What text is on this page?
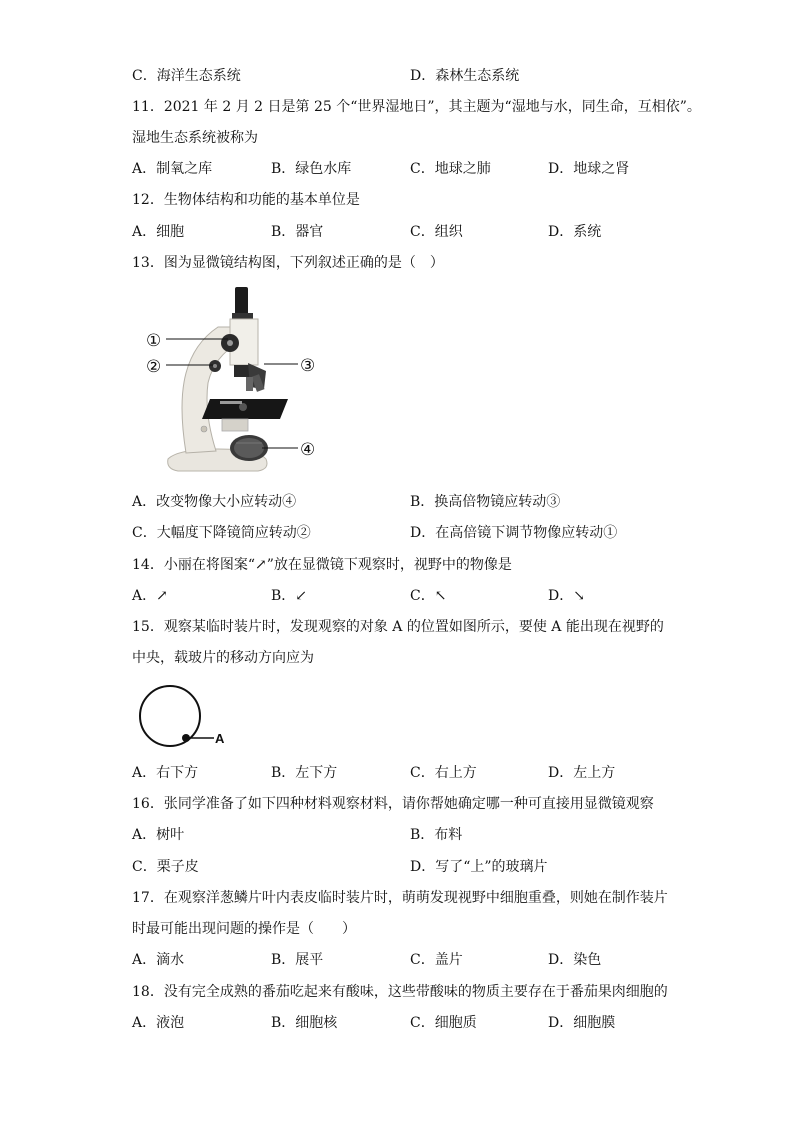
C．海洋生态系统	D．森林生态系统
11．2021 年 2 月 2 日是第 25 个“世界湿地日”，其主题为“湿地与水，同生命，互相依”。
湿地生态系统被称为
A．制氧之库	B．绿色水库	C．地球之肺	D．地球之肾
12．生物体结构和功能的基本单位是
A．细胞	B．器官	C．组织	D．系统
13．图为显微镜结构图，下列叙述正确的是（　）
①
②	③
④
A．改变物像大小应转动④	B．换高倍物镜应转动③
C．大幅度下降镜筒应转动②	D．在高倍镜下调节物像应转动①
14．小丽在将图案“↗”放在显微镜下观察时，视野中的物像是
A．↗	B．↙	C．↖	D．↘
15．观察某临时装片时，发现观察的对象 A 的位置如图所示，要使 A 能出现在视野的
中央，载玻片的移动方向应为
A
A．右下方	B．左下方	C．右上方	D．左上方
16．张同学准备了如下四种材料观察材料，请你帮她确定哪一种可直接用显微镜观察
A．树叶	B．布料
C．栗子皮	D．写了“上”的玻璃片
17．在观察洋葱鳞片叶内表皮临时装片时，萌萌发现视野中细胞重叠，则她在制作装片
时最可能出现问题的操作是（　　）
A．滴水	B．展平	C．盖片	D．染色
18．没有完全成熟的番茄吃起来有酸味，这些带酸味的物质主要存在于番茄果肉细胞的
A．液泡	B．细胞核	C．细胞质	D．细胞膜
